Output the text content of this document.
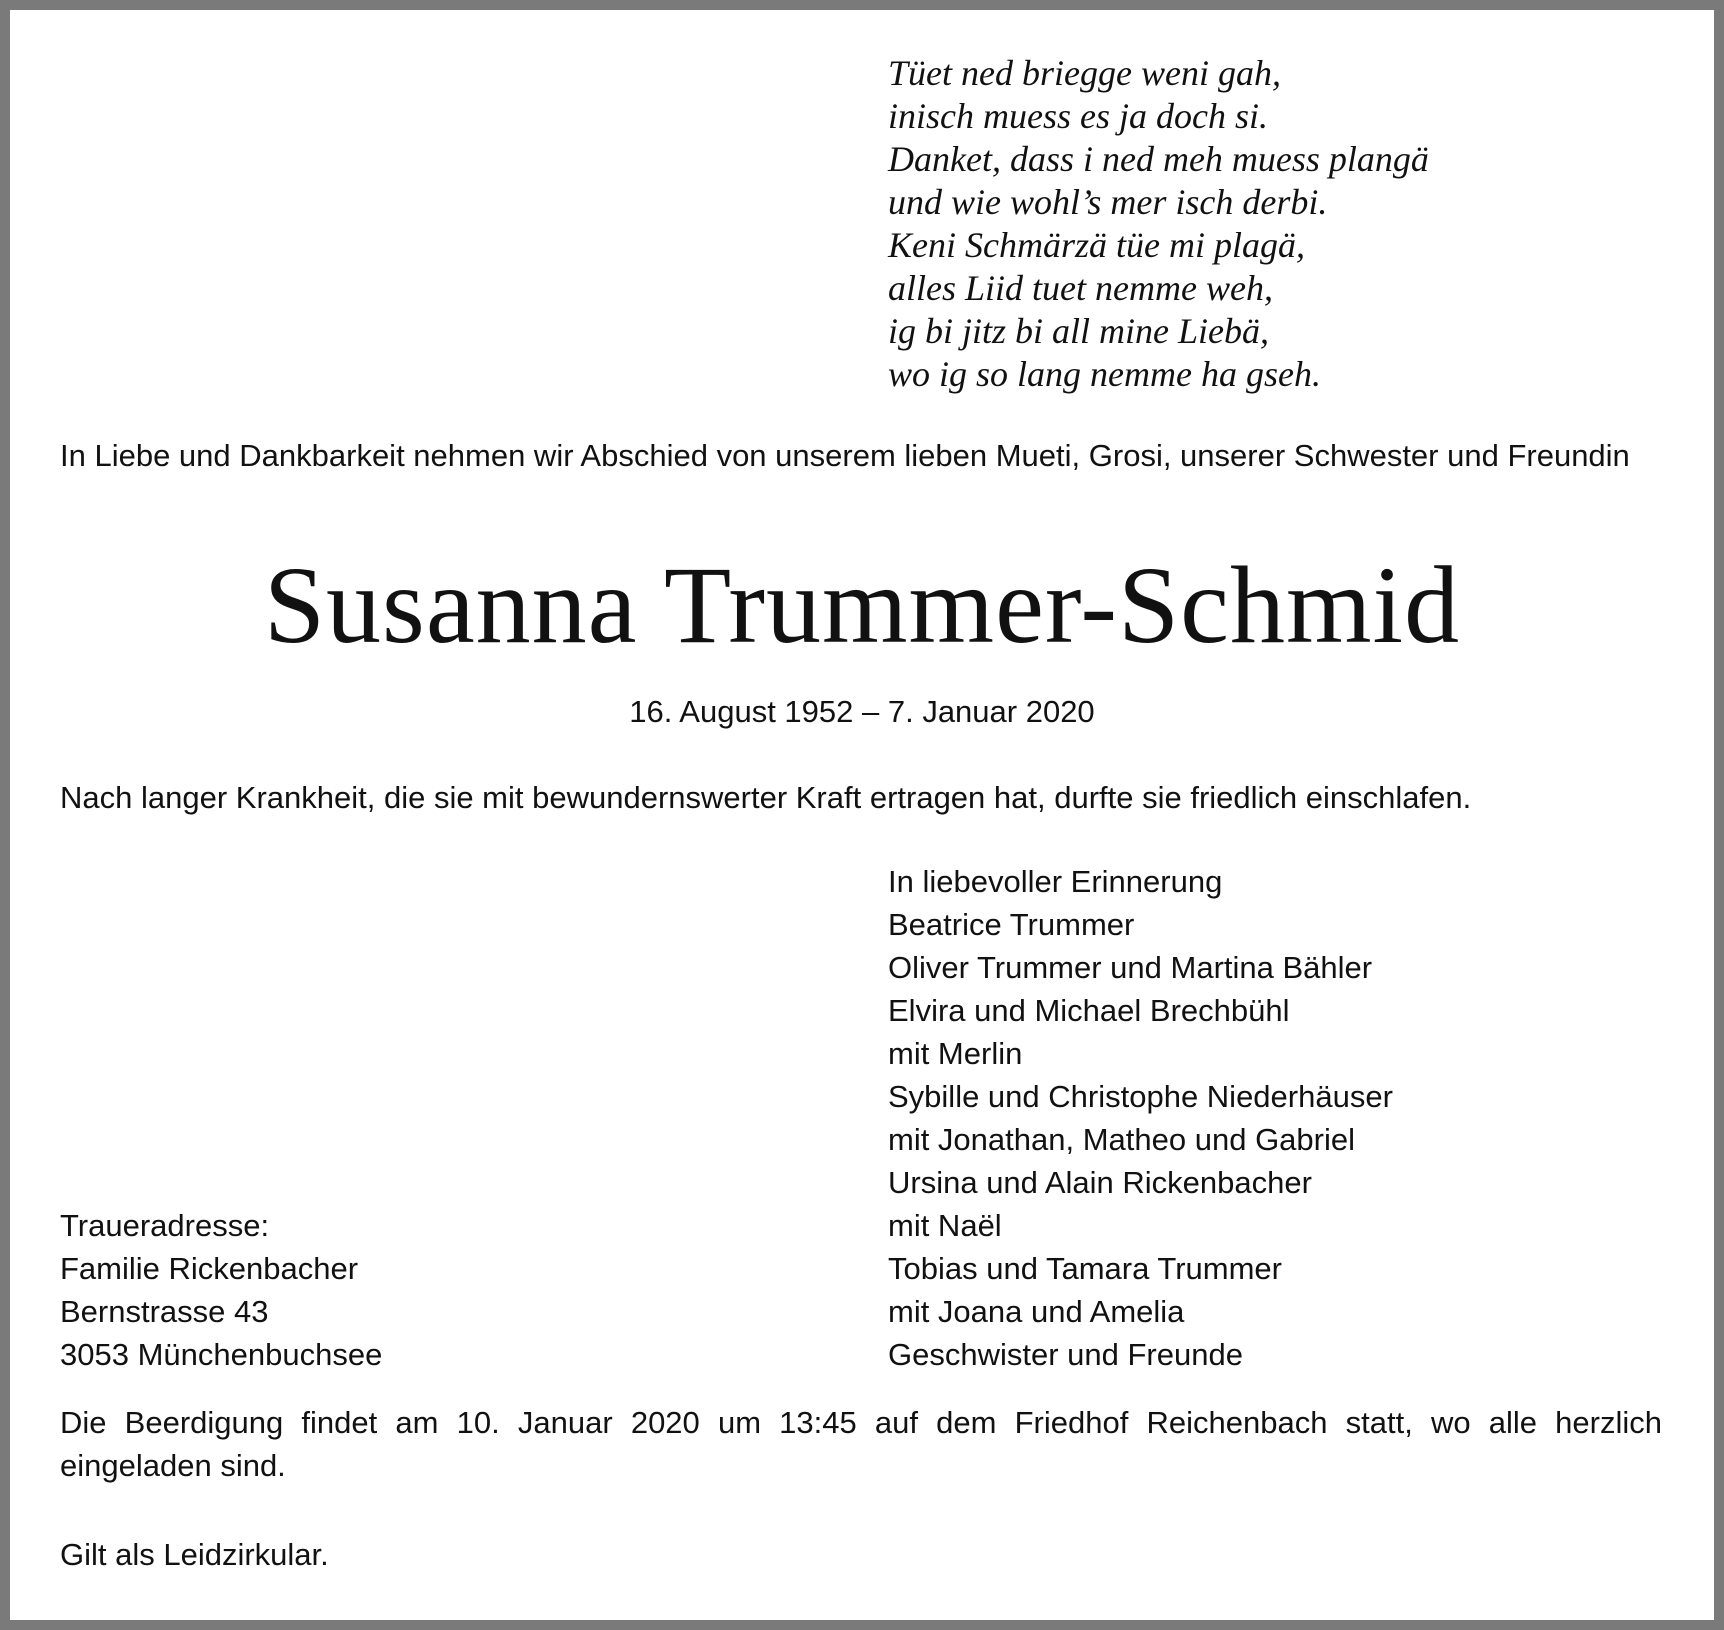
Tüet ned briegge weni gah,
inisch muess es ja doch si.
Danket, dass i ned meh muess plangä
und wie wohl’s mer isch derbi.
Keni Schmärzä tüe mi plagä,
alles Liid tuet nemme weh,
ig bi jitz bi all mine Liebä,
wo ig so lang nemme ha gseh.
In Liebe und Dankbarkeit nehmen wir Abschied von unserem lieben Mueti, Grosi, unserer Schwester und Freundin
Susanna Trummer-Schmid
16. August 1952 – 7. Januar 2020
Nach langer Krankheit, die sie mit bewundernswerter Kraft ertragen hat, durfte sie friedlich einschlafen.
In liebevoller Erinnerung
Beatrice Trummer
Oliver Trummer und Martina Bähler
Elvira und Michael Brechbühl
mit Merlin
Sybille und Christophe Niederhäuser
mit Jonathan, Matheo und Gabriel
Ursina und Alain Rickenbacher
mit Naël
Tobias und Tamara Trummer
mit Joana und Amelia
Geschwister und Freunde
Traueradresse:
Familie Rickenbacher
Bernstrasse 43
3053 Münchenbuchsee
Die Beerdigung findet am 10. Januar 2020 um 13:45 auf dem Friedhof Reichenbach statt, wo alle herzlich eingeladen sind.
Gilt als Leidzirkular.
